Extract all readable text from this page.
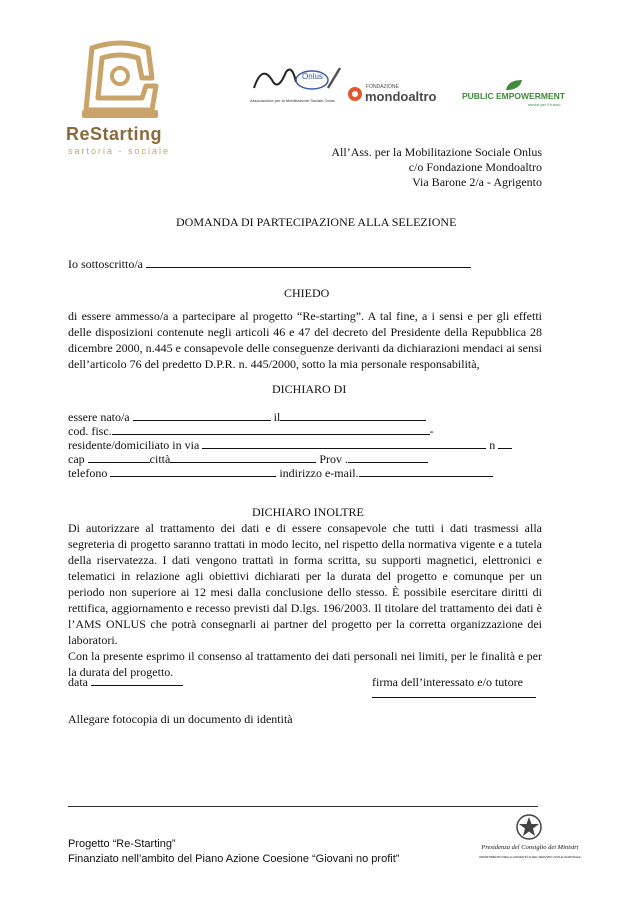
ReStarting
sartoria - sociale
Onlus
Associazione per la Mobilitazione Sociale Onlus
FONDAZIONE
mondoaltro	PUBLIC EMPOWERMENT
servizi per il futuro
All’Ass. per la Mobilitazione Sociale Onlus
c/o Fondazione Mondoaltro
Via Barone 2/a - Agrigento
DOMANDA DI PARTECIPAZIONE ALLA SELEZIONE
Io sottoscritto/a
CHIEDO

di essere ammesso/a a partecipare al progetto “Re-starting”. A tal fine, a i sensi e per gli effetti delle disposizioni contenute negli articoli 46 e 47 del decreto del Presidente della Repubblica 28 dicembre 2000, n.445 e consapevole delle conseguenze derivanti da dichiarazioni mendaci ai sensi dell’articolo 76 del predetto D.P.R. n. 445/2000, sotto la mia personale responsabilità,

DICHIARO DI
essere nato/a	il
cod. fisc.	-
residente/domiciliato in via	n
cap	città	Prov .
telefono	indirizzo e-mail.
DICHIARO INOLTRE

Di autorizzare al trattamento dei dati e di essere consapevole che tutti i dati trasmessi alla segreteria di progetto saranno trattati in modo lecito, nel rispetto della normativa vigente e a tutela della riservatezza. I dati vengono trattati in forma scritta, su supporti magnetici, elettronici e telematici in relazione agli obiettivi dichiarati per la durata del progetto e comunque per un periodo non superiore ai 12 mesi dalla conclusione dello stesso. È possibile esercitare diritti di rettifica, aggiornamento e recesso previsti dal D.lgs. 196/2003. Il titolare del trattamento dei dati è l’AMS ONLUS che potrà consegnarli ai partner del progetto per la corretta organizzazione dei laboratori.

Con la presente esprimo il consenso al trattamento dei dati personali nei limiti, per le finalità e per la durata del progetto.

data	firma dell’interessato e/o tutore
Allegare fotocopia di un documento di identità
Progetto “Re-Starting”
Finanziato nell’ambito del Piano Azione Coesione “Giovani no profit”
Presidenza del Consiglio dei Ministri
DIPARTIMENTO DELLA GIOVENTÙ E DEL SERVIZIO CIVILE NAZIONALE
